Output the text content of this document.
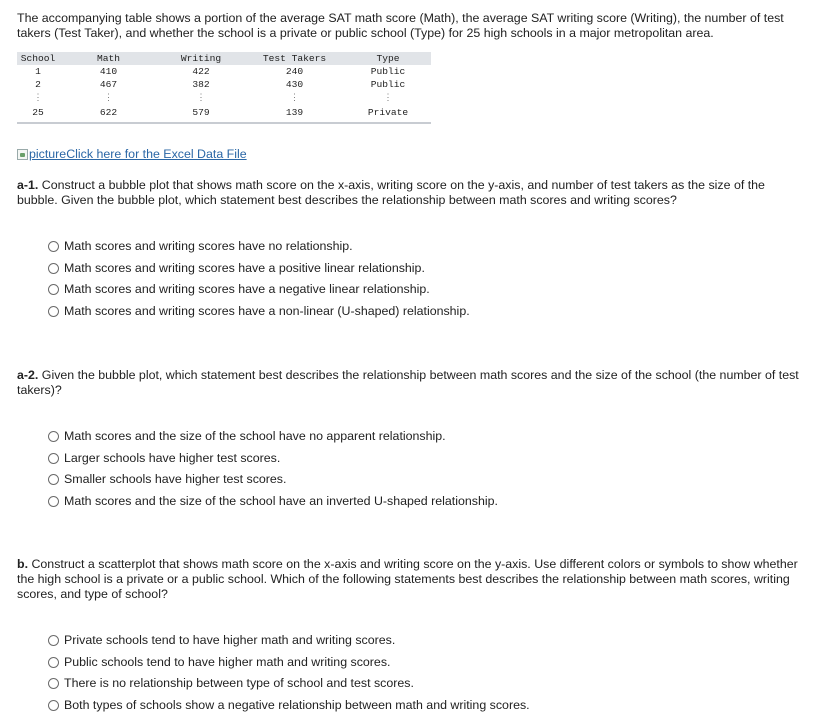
The accompanying table shows a portion of the average SAT math score (Math), the average SAT writing score (Writing), the number of test takers (Test Taker), and whether the school is a private or public school (Type) for 25 high schools in a major metropolitan area.

School	Math	Writing	Test Takers	Type
1	410	422	240	Public
2	467	382	430	Public
⋮	⋮	⋮	⋮	⋮
25	622	579	139	Private
picture Click here for the Excel Data File

a-1. Construct a bubble plot that shows math score on the x-axis, writing score on the y-axis, and number of test takers as the size of the bubble. Given the bubble plot, which statement best describes the relationship between math scores and writing scores?

Math scores and writing scores have no relationship.
Math scores and writing scores have a positive linear relationship.
Math scores and writing scores have a negative linear relationship.
Math scores and writing scores have a non-linear (U-shaped) relationship.

a-2. Given the bubble plot, which statement best describes the relationship between math scores and the size of the school (the number of test takers)?

Math scores and the size of the school have no apparent relationship.
Larger schools have higher test scores.
Smaller schools have higher test scores.
Math scores and the size of the school have an inverted U-shaped relationship.

b. Construct a scatterplot that shows math score on the x-axis and writing score on the y-axis. Use different colors or symbols to show whether the high school is a private or a public school. Which of the following statements best describes the relationship between math scores, writing scores, and type of school?

Private schools tend to have higher math and writing scores.
Public schools tend to have higher math and writing scores.
There is no relationship between type of school and test scores.
Both types of schools show a negative relationship between math and writing scores.
